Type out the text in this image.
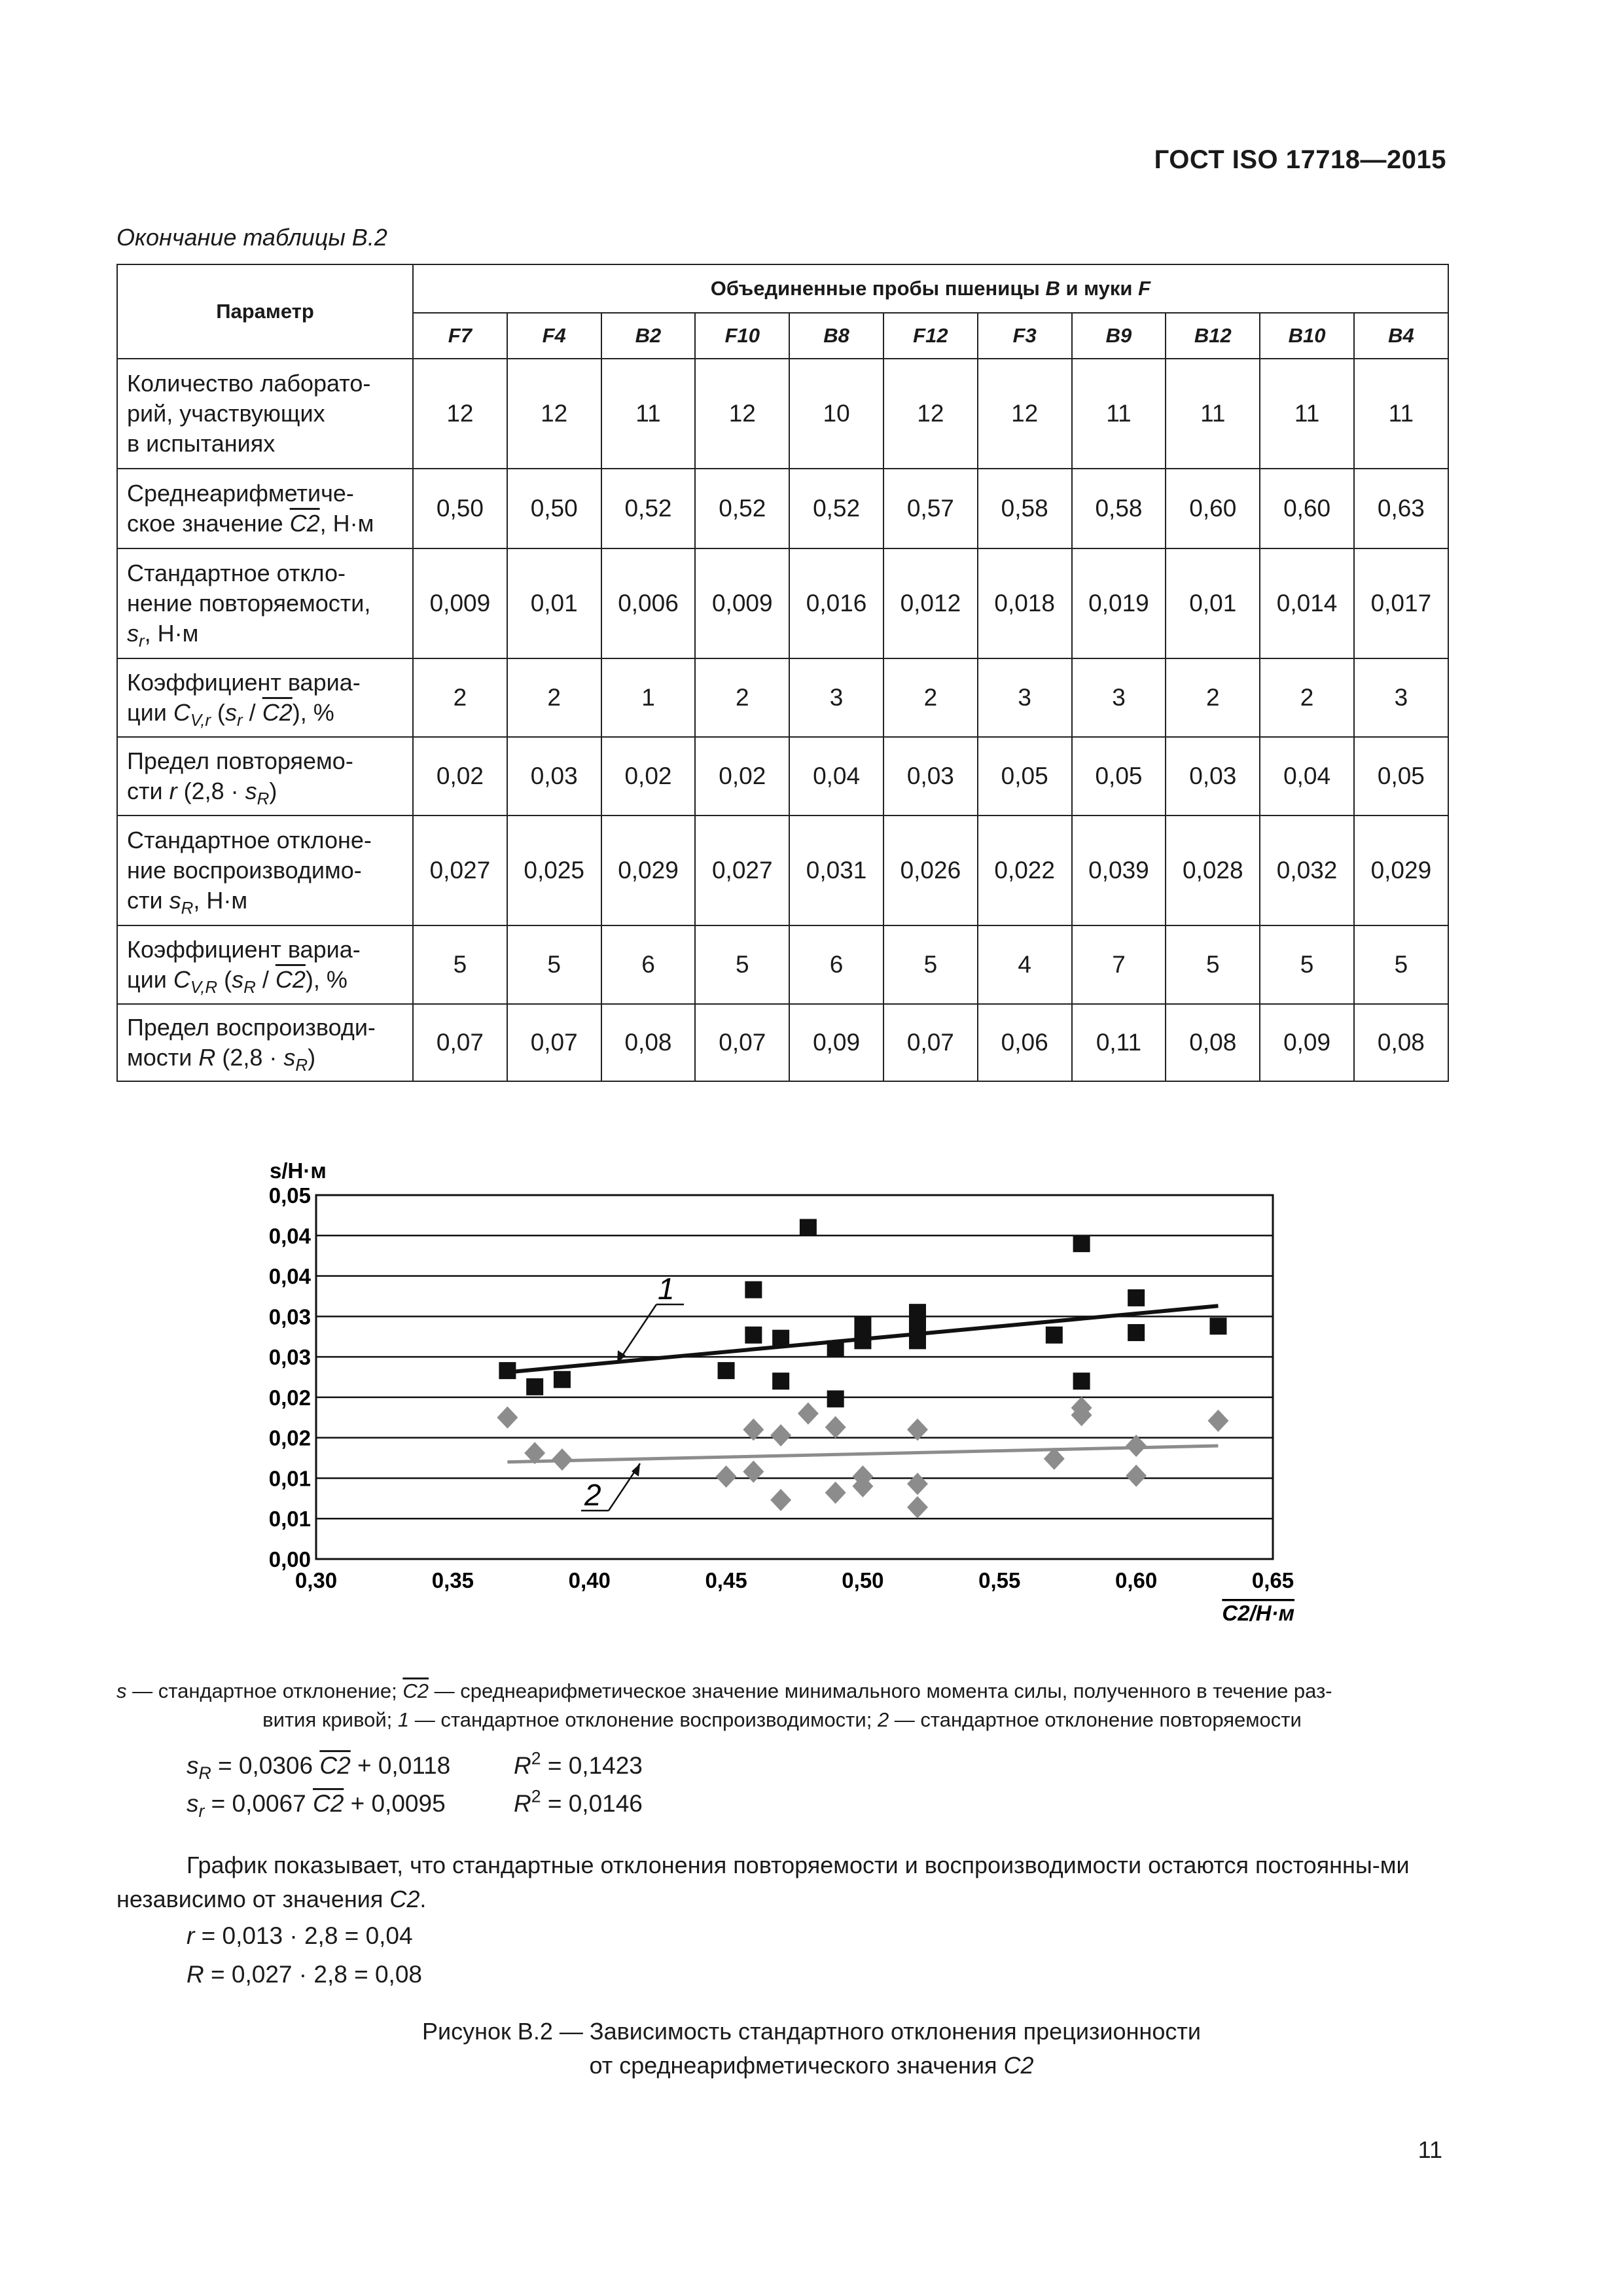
ГОСТ ISO 17718—2015
Окончание таблицы В.2
Параметр	Объединенные пробы пшеницы B и муки F										
	F7	F4	B2	F10	B8	F12	F3	B9	B12	B10	B4
Количество лаборато-
рий, участвующих
в испытаниях	12	12	11	12	10	12	12	11	11	11	11
Среднеарифметиче-
ское значение C2, Н·м	0,50	0,50	0,52	0,52	0,52	0,57	0,58	0,58	0,60	0,60	0,63
Стандартное откло-
нение повторяемости,
$s_r$, Н·м	0,009	0,01	0,006	0,009	0,016	0,012	0,018	0,019	0,01	0,014	0,017
Коэффициент вариа-
ции $C_{V,r}$ $(s_r / C2)$, %	2	2	1	2	3	2	3	3	2	2	3
Предел повторяемо-
сти r $(2,8 \cdot s_R)$	0,02	0,03	0,02	0,02	0,04	0,03	0,05	0,05	0,03	0,04	0,05
Стандартное отклоне-
ние воспроизводимо-
сти $s_R$, Н·м	0,027	0,025	0,029	0,027	0,031	0,026	0,022	0,039	0,028	0,032	0,029
Коэффициент вариа-
ции $C_{V,R}$ $(s_R / C2)$, %	5	5	6	5	6	5	4	7	5	5	5
Предел воспроизводи-
мости R $(2,8 \cdot s_R)$	0,07	0,07	0,08	0,07	0,09	0,07	0,06	0,11	0,08	0,09	0,08
0,00
0,01
0,01
0,02
0,02
0,03
0,03
0,04
0,04
0,05
0,30	0,35	0,40	0,45	0,50	0,55	0,60	0,65
s/Н·м
C2/Н·м
1
2
s — стандартное отклонение; C2 — среднеарифметическое значение минимального момента силы, полученного в течение раз-
вития кривой; 1 — стандартное отклонение воспроизводимости; 2 — стандартное отклонение повторяемости
$s_R = 0,0306$ C2 + 0,0118	$R^2 = 0,1423$
$s_r = 0,0067$ C2 + 0,0095	$R^2 = 0,0146$
График показывает, что стандартные отклонения повторяемости и воспроизводимости остаются постоянны-ми независимо от значения C2.
r = 0,013 · 2,8 = 0,04
R = 0,027 · 2,8 = 0,08
Рисунок В.2 — Зависимость стандартного отклонения прецизионности
от среднеарифметического значения C2
11
